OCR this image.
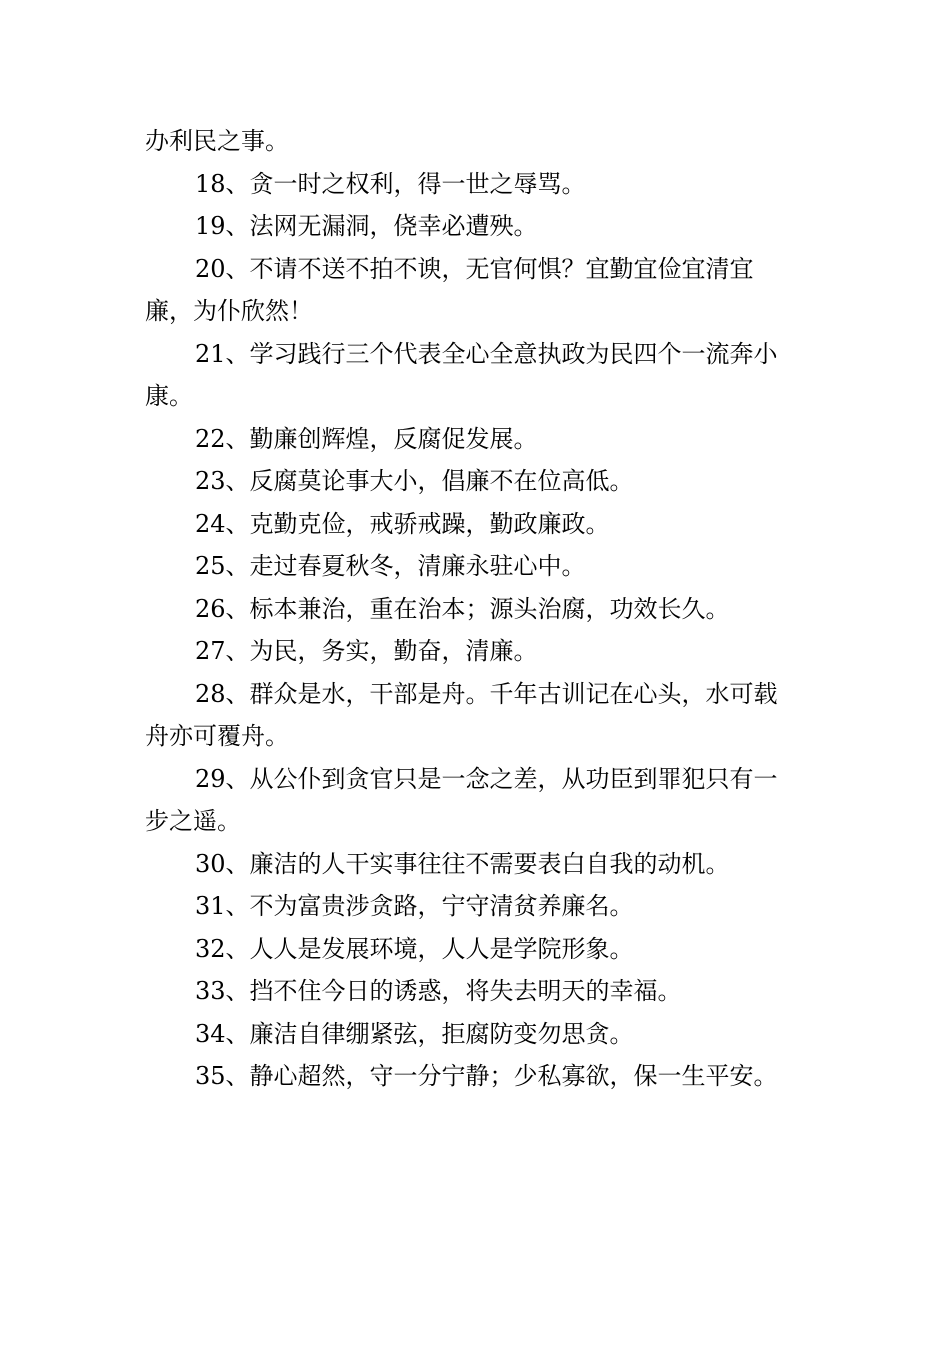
办利民之事。

18、贪一时之权利，得一世之辱骂。

19、法网无漏洞，侥幸必遭殃。

20、不请不送不拍不谀，无官何惧？宜勤宜俭宜清宜廉，为仆欣然！

21、学习践行三个代表全心全意执政为民四个一流奔小康。

22、勤廉创辉煌，反腐促发展。

23、反腐莫论事大小，倡廉不在位高低。

24、克勤克俭，戒骄戒躁，勤政廉政。

25、走过春夏秋冬，清廉永驻心中。

26、标本兼治，重在治本；源头治腐，功效长久。

27、为民，务实，勤奋，清廉。

28、群众是水，干部是舟。千年古训记在心头，水可载舟亦可覆舟。

29、从公仆到贪官只是一念之差，从功臣到罪犯只有一步之遥。

30、廉洁的人干实事往往不需要表白自我的动机。

31、不为富贵涉贪路，宁守清贫养廉名。

32、人人是发展环境，人人是学院形象。

33、挡不住今日的诱惑，将失去明天的幸福。

34、廉洁自律绷紧弦，拒腐防变勿思贪。

35、静心超然，守一分宁静；少私寡欲，保一生平安。
